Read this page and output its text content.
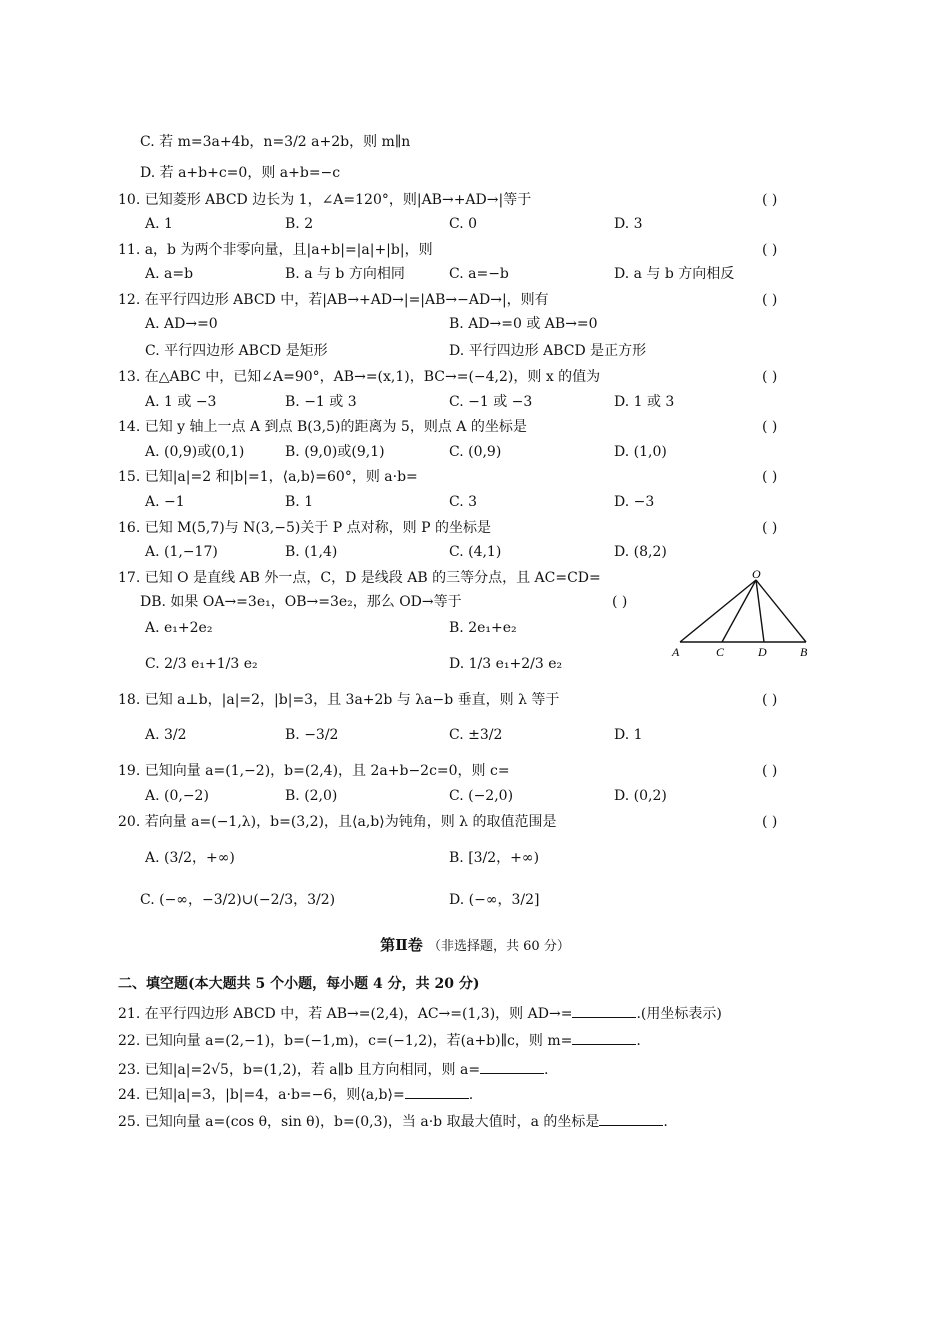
C. 若 m=3a+4b，n=3/2 a+2b，则 m∥n
D. 若 a+b+c=0，则 a+b=−c
10. 已知菱形 ABCD 边长为 1，∠A=120°，则|AB→+AD→|等于	( )
A. 1	B. 2	C. 0	D. 3
11. a，b 为两个非零向量，且|a+b|=|a|+|b|，则	( )
A. a=b	B. a 与 b 方向相同	C. a=−b	D. a 与 b 方向相反
12. 在平行四边形 ABCD 中，若|AB→+AD→|=|AB→−AD→|，则有	( )
A. AD→=0	B. AD→=0 或 AB→=0
C. 平行四边形 ABCD 是矩形	D. 平行四边形 ABCD 是正方形
13. 在△ABC 中，已知∠A=90°，AB→=(x,1)，BC→=(−4,2)，则 x 的值为	( )
A. 1 或 −3	B. −1 或 3	C. −1 或 −3	D. 1 或 3
14. 已知 y 轴上一点 A 到点 B(3,5)的距离为 5，则点 A 的坐标是	( )
A. (0,9)或(0,1)	B. (9,0)或(9,1)	C. (0,9)	D. (1,0)
15. 已知|a|=2 和|b|=1，⟨a,b⟩=60°，则 a·b=	( )
A. −1	B. 1	C. 3	D. −3
16. 已知 M(5,7)与 N(3,−5)关于 P 点对称，则 P 的坐标是	( )
A. (1,−17)	B. (1,4)	C. (4,1)	D. (8,2)
17. 已知 O 是直线 AB 外一点，C，D 是线段 AB 的三等分点，且 AC=CD=
DB. 如果 OA→=3e₁，OB→=3e₂，那么 OD→等于	( )
A. e₁+2e₂	B. 2e₁+e₂
C. 2/3 e₁+1/3 e₂	D. 1/3 e₁+2/3 e₂
O
A	C	D	B
18. 已知 a⊥b，|a|=2，|b|=3，且 3a+2b 与 λa−b 垂直，则 λ 等于	( )
A. 3/2	B. −3/2	C. ±3/2	D. 1
19. 已知向量 a=(1,−2)，b=(2,4)，且 2a+b−2c=0，则 c=	( )
A. (0,−2)	B. (2,0)	C. (−2,0)	D. (0,2)
20. 若向量 a=(−1,λ)，b=(3,2)，且⟨a,b⟩为钝角，则 λ 的取值范围是	( )
A. (3/2，+∞)	B. [3/2，+∞)
C. (−∞，−3/2)∪(−2/3，3/2)	D. (−∞，3/2]
第Ⅱ卷 （非选择题，共 60 分）
二、填空题(本大题共 5 个小题，每小题 4 分，共 20 分)
21. 在平行四边形 ABCD 中，若 AB→=(2,4)，AC→=(1,3)，则 AD→=	.(用坐标表示)
22. 已知向量 a=(2,−1)，b=(−1,m)，c=(−1,2)，若(a+b)∥c，则 m=	.
23. 已知|a|=2√5，b=(1,2)，若 a∥b 且方向相同，则 a=	.
24. 已知|a|=3，|b|=4，a·b=−6，则⟨a,b⟩=	.
25. 已知向量 a=(cos θ，sin θ)，b=(0,3)，当 a·b 取最大值时，a 的坐标是	.
